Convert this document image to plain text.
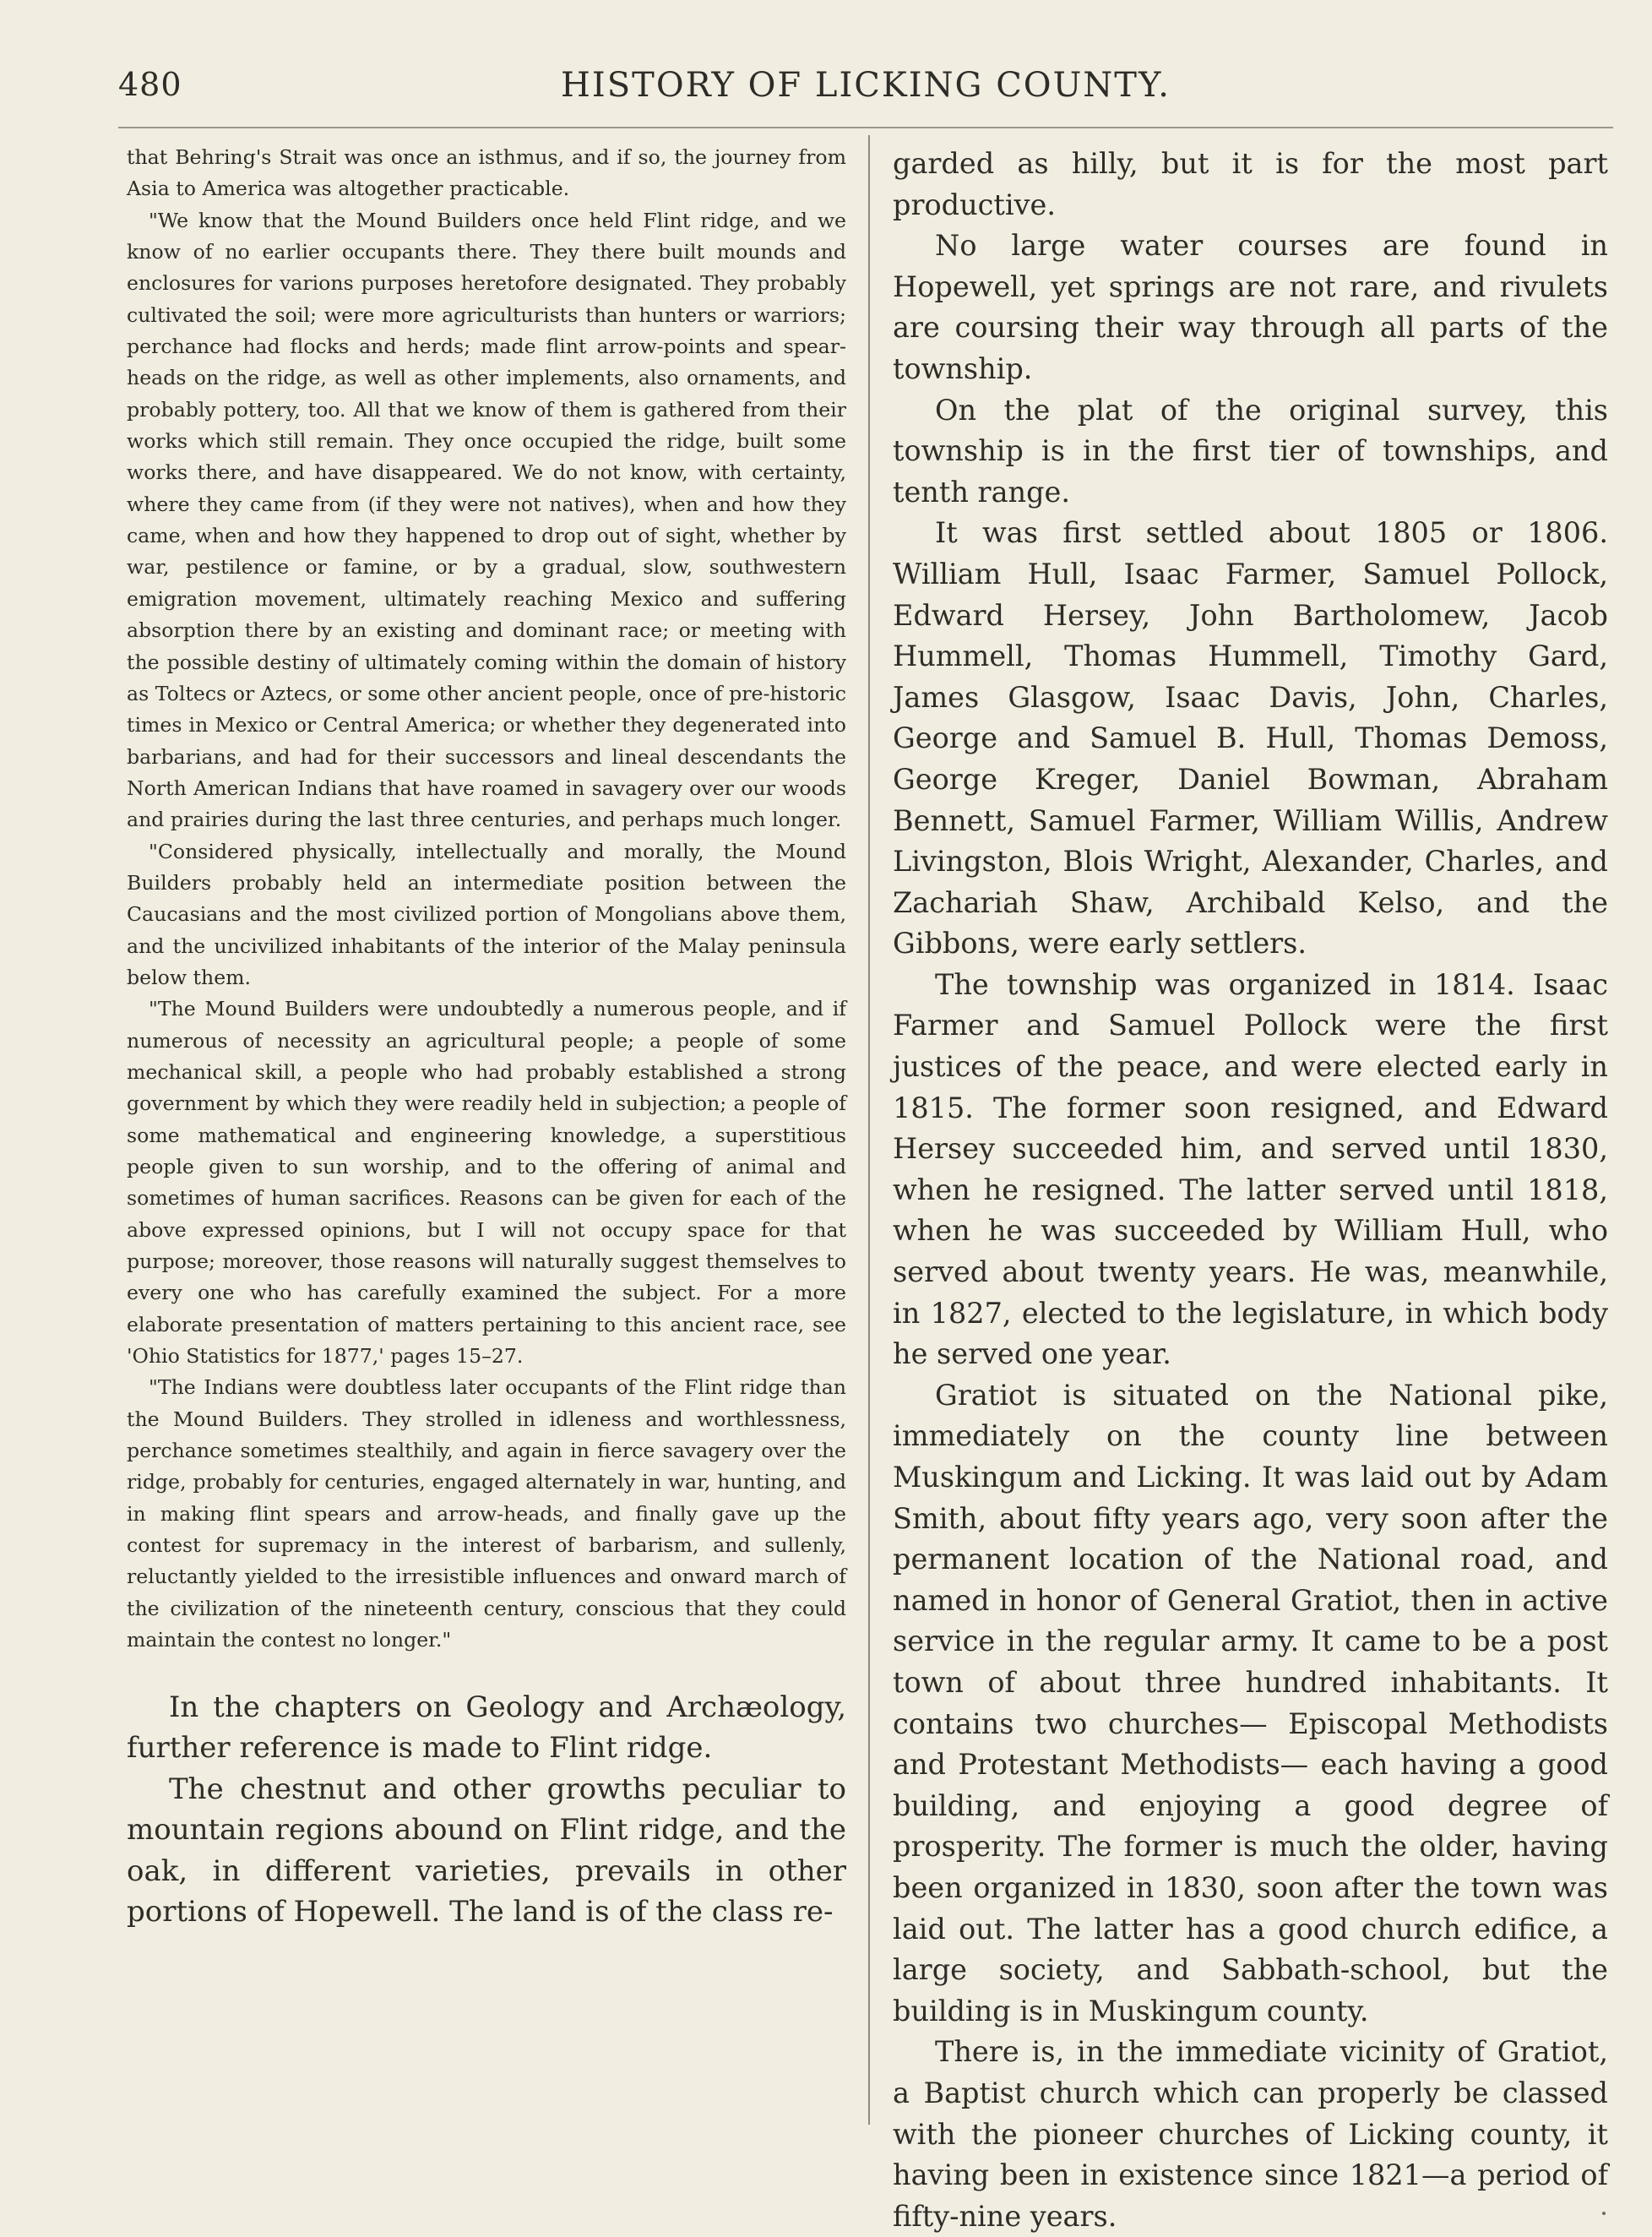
480	HISTORY OF LICKING COUNTY.

that Behring's Strait was once an isthmus, and if so, the journey from Asia to America was altogether practicable.

"We know that the Mound Builders once held Flint ridge, and we know of no earlier occupants there. They there built mounds and enclosures for varions purposes heretofore designated. They probably cultivated the soil; were more agriculturists than hunters or warriors; perchance had flocks and herds; made flint arrow-points and spear-heads on the ridge, as well as other implements, also ornaments, and probably pottery, too. All that we know of them is gathered from their works which still remain. They once occupied the ridge, built some works there, and have disappeared. We do not know, with certainty, where they came from (if they were not natives), when and how they came, when and how they happened to drop out of sight, whether by war, pestilence or famine, or by a gradual, slow, southwestern emigration movement, ultimately reaching Mexico and suffering absorption there by an existing and dominant race; or meeting with the possible destiny of ultimately coming within the domain of history as Toltecs or Aztecs, or some other ancient people, once of pre-historic times in Mexico or Central America; or whether they degenerated into barbarians, and had for their successors and lineal descendants the North American Indians that have roamed in savagery over our woods and prairies during the last three centuries, and perhaps much longer.

"Considered physically, intellectually and morally, the Mound Builders probably held an intermediate position between the Caucasians and the most civilized portion of Mongolians above them, and the uncivilized inhabitants of the interior of the Malay peninsula below them.

"The Mound Builders were undoubtedly a numerous people, and if numerous of necessity an agricultural people; a people of some mechanical skill, a people who had probably established a strong government by which they were readily held in subjection; a people of some mathematical and engineering knowledge, a superstitious people given to sun worship, and to the offering of animal and sometimes of human sacrifices. Reasons can be given for each of the above expressed opinions, but I will not occupy space for that purpose; moreover, those reasons will naturally suggest themselves to every one who has carefully examined the subject. For a more elaborate presentation of matters pertaining to this ancient race, see 'Ohio Statistics for 1877,' pages 15–27.

"The Indians were doubtless later occupants of the Flint ridge than the Mound Builders. They strolled in idleness and worthlessness, perchance sometimes stealthily, and again in fierce savagery over the ridge, probably for centuries, engaged alternately in war, hunting, and in making flint spears and arrow-heads, and finally gave up the contest for supremacy in the interest of barbarism, and sullenly, reluctantly yielded to the irresistible influences and onward march of the civilization of the nineteenth century, conscious that they could maintain the contest no longer."

In the chapters on Geology and Archæology, further reference is made to Flint ridge.

The chestnut and other growths peculiar to mountain regions abound on Flint ridge, and the oak, in different varieties, prevails in other portions of Hopewell. The land is of the class re-

garded as hilly, but it is for the most part productive.

No large water courses are found in Hopewell, yet springs are not rare, and rivulets are coursing their way through all parts of the township.

On the plat of the original survey, this township is in the first tier of townships, and tenth range.

It was first settled about 1805 or 1806. William Hull, Isaac Farmer, Samuel Pollock, Edward Hersey, John Bartholomew, Jacob Hummell, Thomas Hummell, Timothy Gard, James Glasgow, Isaac Davis, John, Charles, George and Samuel B. Hull, Thomas Demoss, George Kreger, Daniel Bowman, Abraham Bennett, Samuel Farmer, William Willis, Andrew Livingston, Blois Wright, Alexander, Charles, and Zachariah Shaw, Archibald Kelso, and the Gibbons, were early settlers.

The township was organized in 1814. Isaac Farmer and Samuel Pollock were the first justices of the peace, and were elected early in 1815. The former soon resigned, and Edward Hersey succeeded him, and served until 1830, when he resigned. The latter served until 1818, when he was succeeded by William Hull, who served about twenty years. He was, meanwhile, in 1827, elected to the legislature, in which body he served one year.

Gratiot is situated on the National pike, immediately on the county line between Muskingum and Licking. It was laid out by Adam Smith, about fifty years ago, very soon after the permanent location of the National road, and named in honor of General Gratiot, then in active service in the regular army. It came to be a post town of about three hundred inhabitants. It contains two churches— Episcopal Methodists and Protestant Methodists— each having a good building, and enjoying a good degree of prosperity. The former is much the older, having been organized in 1830, soon after the town was laid out. The latter has a good church edifice, a large society, and Sabbath-school, but the building is in Muskingum county.

There is, in the immediate vicinity of Gratiot, a Baptist church which can properly be classed with the pioneer churches of Licking county, it having been in existence since 1821—a period of fifty-nine years.
